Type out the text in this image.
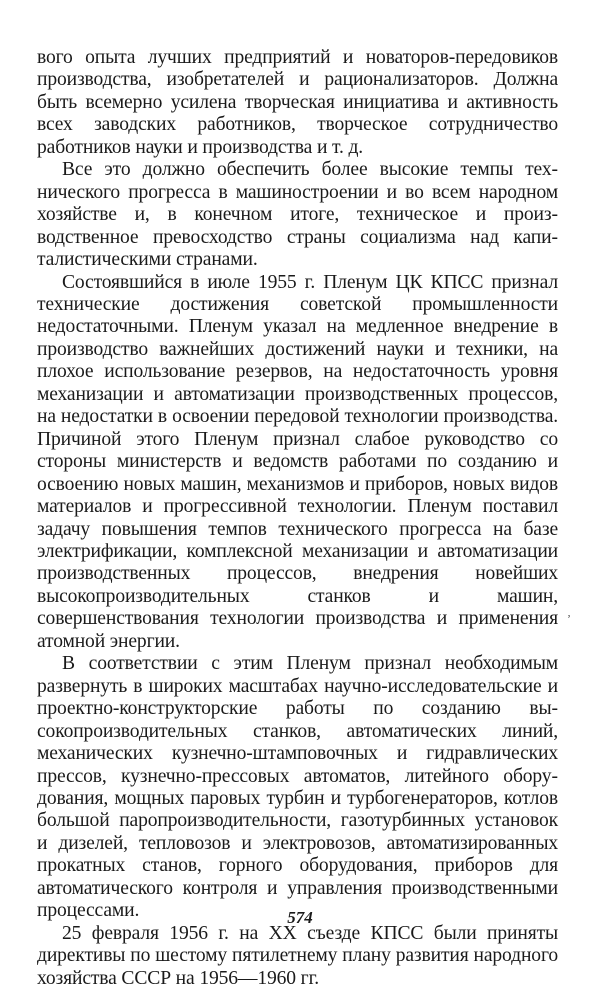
вого опыта лучших предприятий и новаторов-передовиков производства, изобретателей и рационализаторов. Должна быть всемерно усилена творческая инициатива и активность всех заводских работников, творческое сотрудничество работников науки и производства и т. д.

Все это должно обеспечить более высокие темпы технического прогресса в машиностроении и во всем народном хозяйстве и, в конечном итоге, техническое и производственное превосходство страны социализма над капиталистическими странами.

Состоявшийся в июле 1955 г. Пленум ЦК КПСС признал технические достижения советской промышленности недостаточными. Пленум указал на медленное внедрение в производство важнейших достижений науки и техники, на плохое использование резервов, на недостаточность уровня механизации и автоматизации производственных процессов, на недостатки в освоении передовой технологии производства. Причиной этого Пленум признал слабое руководство со стороны министерств и ведомств работами по созданию и освоению новых машин, механизмов и приборов, новых видов материалов и прогрессивной технологии. Пленум поставил задачу повышения темпов технического прогресса на базе электрификации, комплексной механизации и автоматизации производственных процессов, внедрения новейших высокопроизводительных станков и машин, совершенствования технологии производства и применения атомной энергии.

В соответствии с этим Пленум признал необходимым развернуть в широких масштабах научно-исследовательские и проектно-конструкторские работы по созданию высокопроизводительных станков, автоматических линий, механических кузнечно-штамповочных и гидравлических прессов, кузнечно-прессовых автоматов, литейного оборудования, мощных паровых турбин и турбогенераторов, котлов большой паропроизводительности, газотурбинных установок и дизелей, тепловозов и электровозов, автоматизированных прокатных станов, горного оборудования, приборов для автоматического контроля и управления производственными процессами.

25 февраля 1956 г. на XX съезде КПСС были приняты директивы по шестому пятилетнему плану развития народного хозяйства СССР на 1956—1960 гг.

ʼ
574
